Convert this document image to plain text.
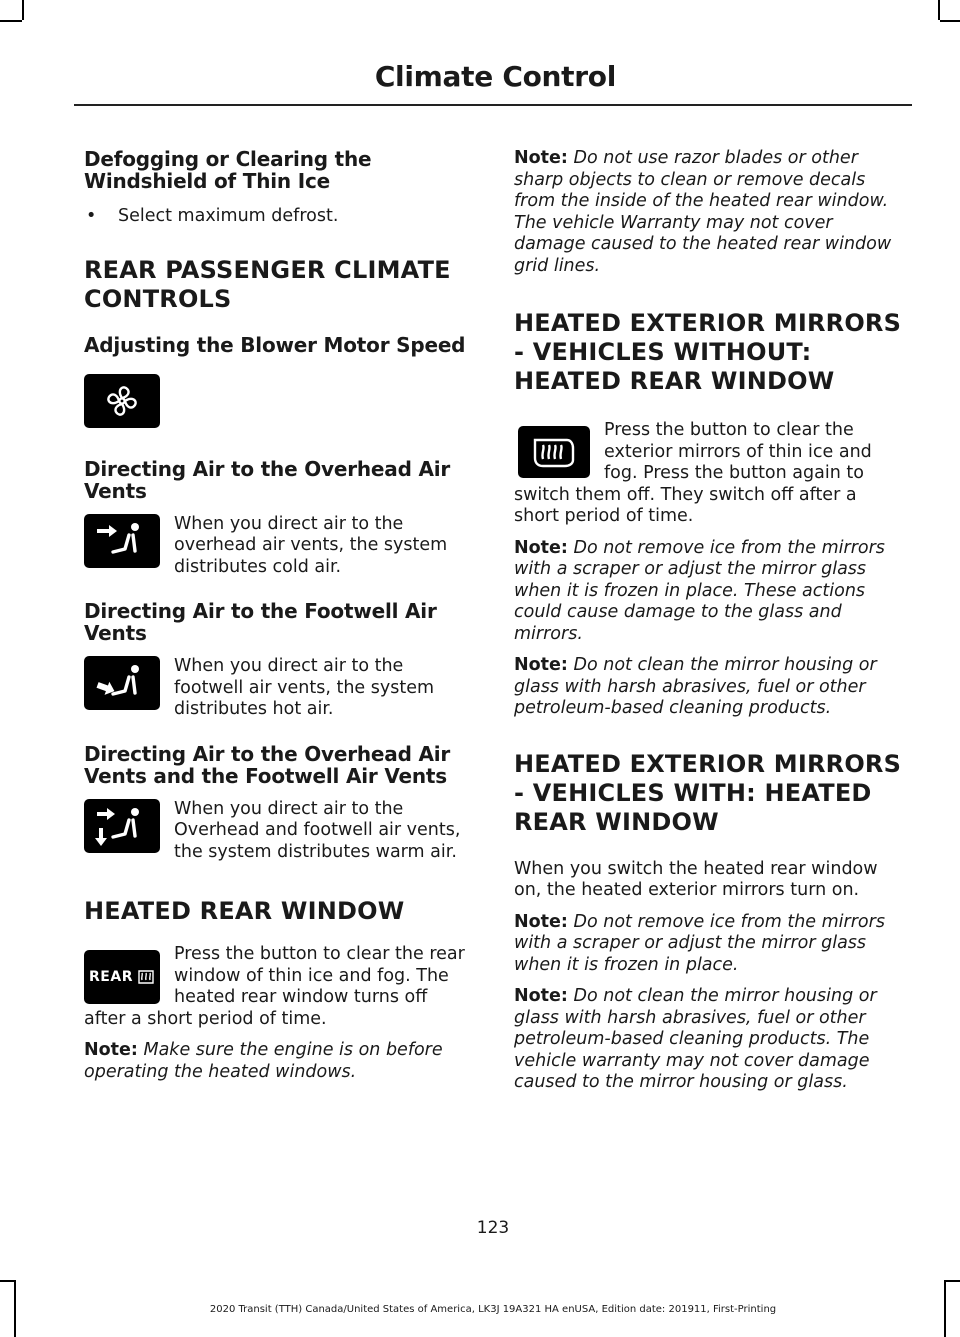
Climate Control
Defogging or Clearing the Windshield of Thin Ice
•	Select maximum defrost.
REAR PASSENGER CLIMATE CONTROLS
Adjusting the Blower Motor Speed
Directing Air to the Overhead Air Vents
When you direct air to the overhead air vents, the system distributes cold air.
Directing Air to the Footwell Air Vents
When you direct air to the footwell air vents, the system distributes hot air.
Directing Air to the Overhead Air Vents and the Footwell Air Vents
When you direct air to the Overhead and footwell air vents, the system distributes warm air.
HEATED REAR WINDOW
REAR
Press the button to clear the rear window of thin ice and fog. The heated rear window turns off
after a short period of time.

Note: Make sure the engine is on before operating the heated windows.

Note: Do not use razor blades or other sharp objects to clean or remove decals from the inside of the heated rear window. The vehicle Warranty may not cover damage caused to the heated rear window grid lines.

HEATED EXTERIOR MIRRORS - VEHICLES WITHOUT: HEATED REAR WINDOW
Press the button to clear the exterior mirrors of thin ice and fog. Press the button again to
switch them off. They switch off after a short period of time.

Note: Do not remove ice from the mirrors with a scraper or adjust the mirror glass when it is frozen in place. These actions could cause damage to the glass and mirrors.

Note: Do not clean the mirror housing or glass with harsh abrasives, fuel or other petroleum-based cleaning products.

HEATED EXTERIOR MIRRORS - VEHICLES WITH: HEATED REAR WINDOW

When you switch the heated rear window on, the heated exterior mirrors turn on.

Note: Do not remove ice from the mirrors with a scraper or adjust the mirror glass when it is frozen in place.

Note: Do not clean the mirror housing or glass with harsh abrasives, fuel or other petroleum-based cleaning products. The vehicle warranty may not cover damage caused to the mirror housing or glass.

123
2020 Transit (TTH) Canada/United States of America, LK3J 19A321 HA enUSA, Edition date: 201911, First-Printing
